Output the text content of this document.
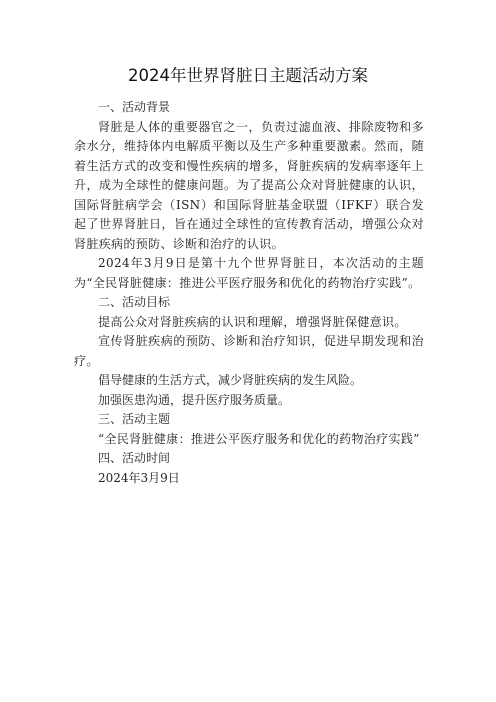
2024年世界肾脏日主题活动方案

一、活动背景

肾脏是人体的重要器官之一，负责过滤血液、排除废物和多余水分，维持体内电解质平衡以及生产多种重要激素。然而，随着生活方式的改变和慢性疾病的增多，肾脏疾病的发病率逐年上升，成为全球性的健康问题。为了提高公众对肾脏健康的认识，国际肾脏病学会（ISN）和国际肾脏基金联盟（IFKF）联合发起了世界肾脏日，旨在通过全球性的宣传教育活动，增强公众对肾脏疾病的预防、诊断和治疗的认识。

2024年3月9日是第十九个世界肾脏日，本次活动的主题为“全民肾脏健康：推进公平医疗服务和优化的药物治疗实践”。

二、活动目标

提高公众对肾脏疾病的认识和理解，增强肾脏保健意识。

宣传肾脏疾病的预防、诊断和治疗知识，促进早期发现和治疗。

倡导健康的生活方式，减少肾脏疾病的发生风险。

加强医患沟通，提升医疗服务质量。

三、活动主题

“全民肾脏健康：推进公平医疗服务和优化的药物治疗实践”

四、活动时间

2024年3月9日
